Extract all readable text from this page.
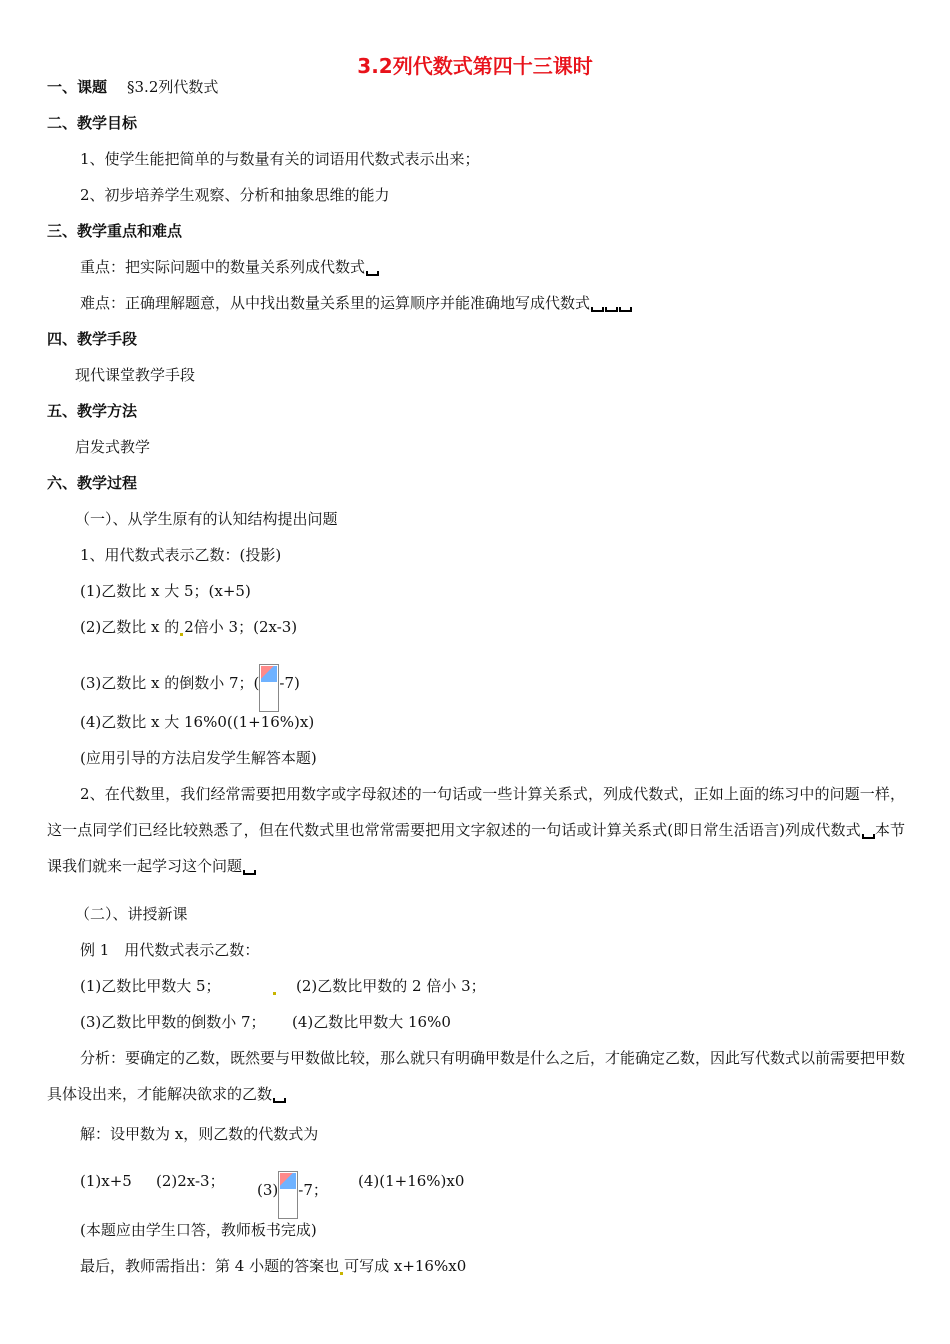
3.2列代数式第四十三课时
一、课题 §3.2列代数式
二、教学目标
1、使学生能把简单的与数量有关的词语用代数式表示出来；
2、初步培养学生观察、分析和抽象思维的能力
三、教学重点和难点
重点：把实际问题中的数量关系列成代数式
难点：正确理解题意，从中找出数量关系里的运算顺序并能准确地写成代数式
四、教学手段
现代课堂教学手段
五、教学方法
启发式教学
六、教学过程
（一）、从学生原有的认知结构提出问题
1、用代数式表示乙数：(投影)
(1)乙数比 x 大 5；(x+5)
(2)乙数比 x 的 2倍小 3；(2x-3)
(3)乙数比 x 的倒数小 7；( -7)
(4)乙数比 x 大 16%0((1+16%)x)
(应用引导的方法启发学生解答本题)
2、在代数里，我们经常需要把用数字或字母叙述的一句话或一些计算关系式，列成代数式，正如上面的练习中的问题一样，这一点同学们已经比较熟悉了，但在代数式里也常常需要把用文字叙述的一句话或计算关系式(即日常生活语言)列成代数式 本节课我们就来一起学习这个问题
（二）、讲授新课
例 1　用代数式表示乙数：
(1)乙数比甲数大 5；	(2)乙数比甲数的 2 倍小 3；
(3)乙数比甲数的倒数小 7； (4)乙数比甲数大 16%0
分析：要确定的乙数，既然要与甲数做比较，那么就只有明确甲数是什么之后，才能确定乙数，因此写代数式以前需要把甲数具体设出来，才能解决欲求的乙数
解：设甲数为 x，则乙数的代数式为
(1)x+5 (2)2x-3； (3) -7； (4)(1+16%)x0
(本题应由学生口答，教师板书完成)
最后，教师需指出：第 4 小题的答案也 可写成 x+16%x0
